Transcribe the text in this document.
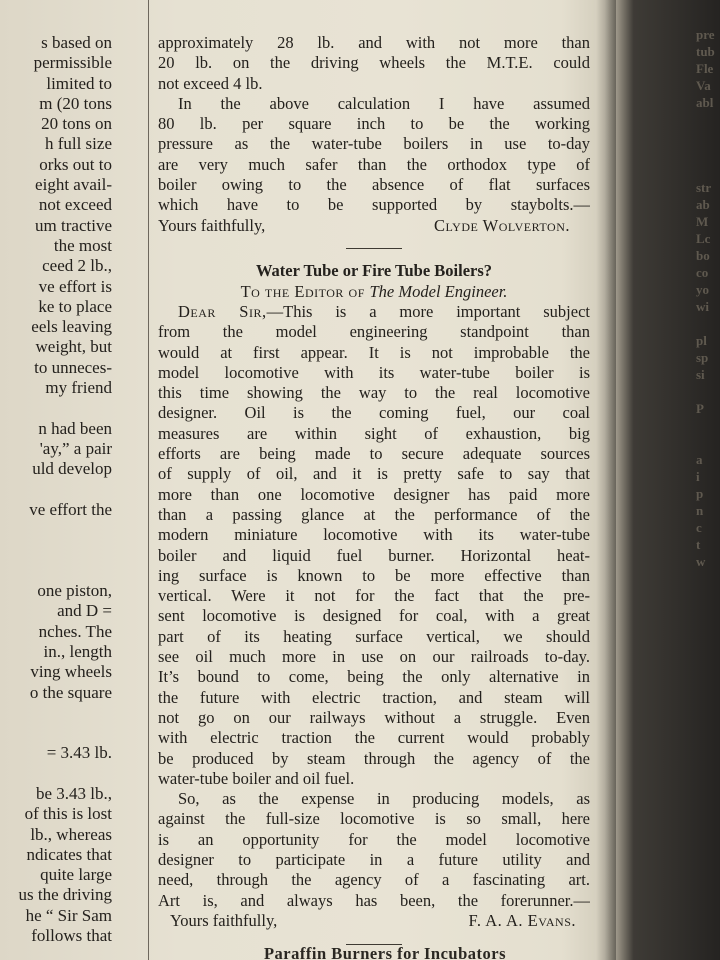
s based on
permissible
limited to
m (20 tons
20 tons on
h full size
orks out to
eight avail-
not exceed
um tractive
the most
ceed 2 lb.,
ve effort is
ke to place
eels leaving
weight, but
to unneces-
my friend
n had been
'ay,” a pair
uld develop
ve effort the
one piston,
and D =
nches. The
in., length
ving wheels
o the square
= 3.43 lb.
be 3.43 lb.,
of this is lost
lb., whereas
ndicates that
quite large
us the driving
he “ Sir Sam
follows that
approximately 28 lb. and with not more than
20 lb. on the driving wheels the M.T.E. could
not exceed 4 lb.
In the above calculation I have assumed
80 lb. per square inch to be the working
pressure as the water-tube boilers in use to-day
are very much safer than the orthodox type of
boiler owing to the absence of flat surfaces
which have to be supported by staybolts.—
Yours faithfully,	Clyde Wolverton.
Water Tube or Fire Tube Boilers?
To the Editor of The Model Engineer.
Dear Sir,—This is a more important subject
from the model engineering standpoint than
would at first appear. It is not improbable the
model locomotive with its water-tube boiler is
this time showing the way to the real locomotive
designer. Oil is the coming fuel, our coal
measures are within sight of exhaustion, big
efforts are being made to secure adequate sources
of supply of oil, and it is pretty safe to say that
more than one locomotive designer has paid more
than a passing glance at the performance of the
modern miniature locomotive with its water-tube
boiler and liquid fuel burner. Horizontal heat-
ing surface is known to be more effective than
vertical. Were it not for the fact that the pre-
sent locomotive is designed for coal, with a great
part of its heating surface vertical, we should
see oil much more in use on our railroads to-day.
It’s bound to come, being the only alternative in
the future with electric traction, and steam will
not go on our railways without a struggle. Even
with electric traction the current would probably
be produced by steam through the agency of the
water-tube boiler and oil fuel.
So, as the expense in producing models, as
against the full-size locomotive is so small, here
is an opportunity for the model locomotive
designer to participate in a future utility and
need, through the agency of a fascinating art.
Art is, and always has been, the forerunner.—
Yours faithfully,	F. A. A. Evans.
Paraffin Burners for Incubators
pre
tub
Fle
Va
abl
str
ab
M
Lc
bo
co
yo
wi
pl
sp
si
P
a
i
p
n
c
t
w
